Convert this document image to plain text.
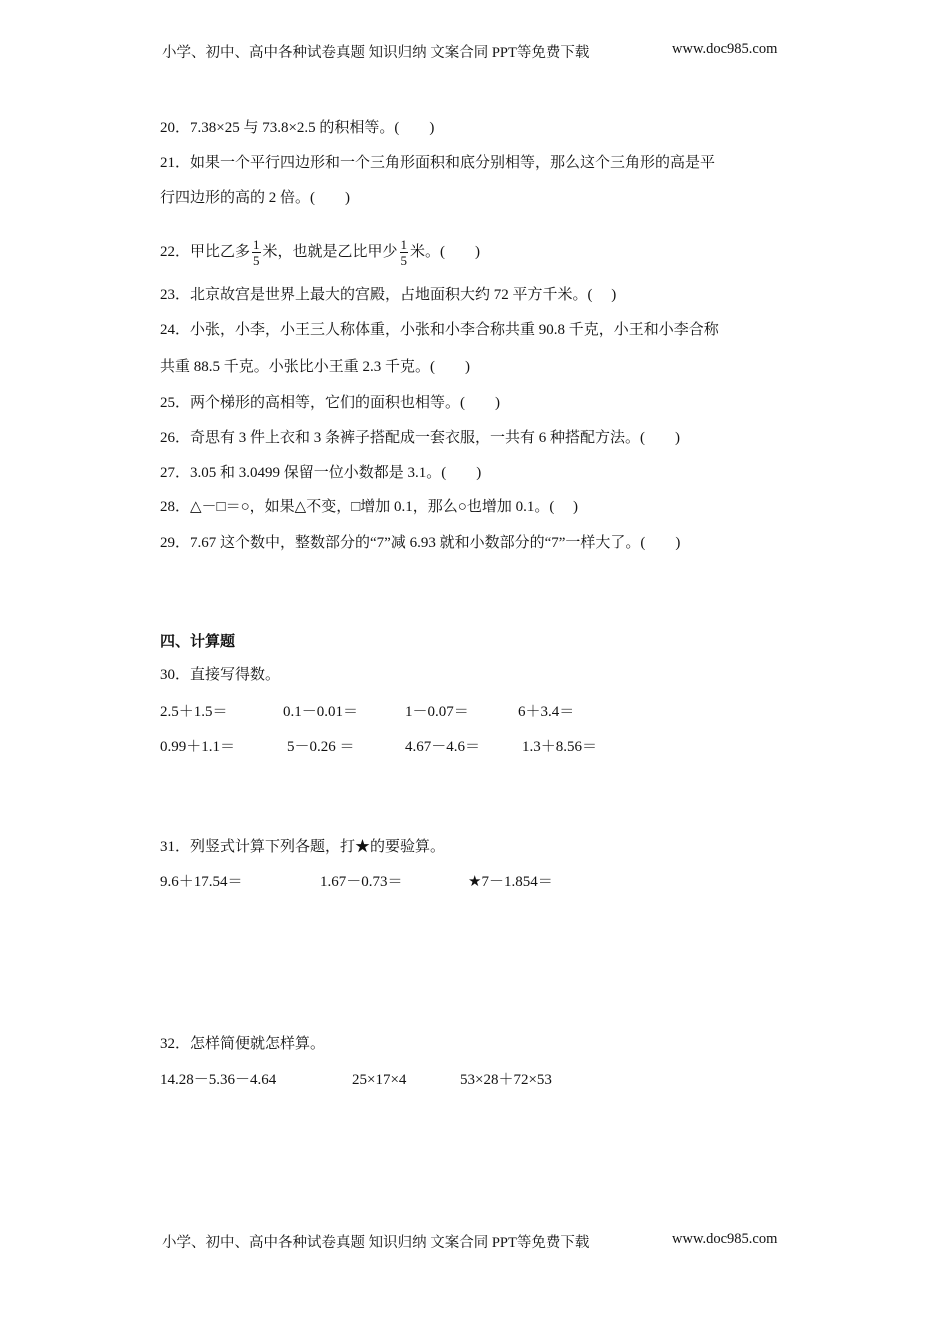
小学、初中、高中各种试卷真题 知识归纳 文案合同 PPT等免费下载	www.doc985.com
20．7.38×25 与 73.8×2.5 的积相等。(　　)
21．如果一个平行四边形和一个三角形面积和底分别相等，那么这个三角形的高是平
行四边形的高的 2 倍。(　　)
22．甲比乙多 $\frac{1}{5}$ 米，也就是乙比甲少 $\frac{1}{5}$ 米。(　　)
23．北京故宫是世界上最大的宫殿，占地面积大约 72 平方千米。(　 )
24．小张，小李，小王三人称体重，小张和小李合称共重 90.8 千克，小王和小李合称
共重 88.5 千克。小张比小王重 2.3 千克。(　　)
25．两个梯形的高相等，它们的面积也相等。(　　)
26．奇思有 3 件上衣和 3 条裤子搭配成一套衣服，一共有 6 种搭配方法。(　　)
27．3.05 和 3.0499 保留一位小数都是 3.1。(　　)
28．△－□＝○，如果△不变，□增加 0.1，那么○也增加 0.1。(　 )
29．7.67 这个数中，整数部分的“7”减 6.93 就和小数部分的“7”一样大了。(　　)
四、计算题
30．直接写得数。
2.5＋1.5＝	0.1－0.01＝	1－0.07＝	6＋3.4＝
0.99＋1.1＝	5－0.26 ＝	4.67－4.6＝	1.3＋8.56＝
31．列竖式计算下列各题，打★的要验算。
9.6＋17.54＝	1.67－0.73＝	★7－1.854＝
32．怎样简便就怎样算。
14.28－5.36－4.64	25×17×4	53×28＋72×53
小学、初中、高中各种试卷真题 知识归纳 文案合同 PPT等免费下载	www.doc985.com
